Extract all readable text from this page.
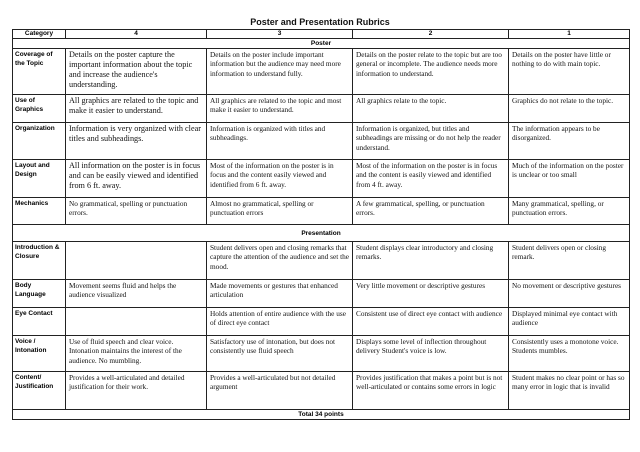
Poster and Presentation Rubrics
Category	4	3	2	1
Poster				
Coverage of the Topic	Details on the poster capture the important information about the topic and increase the audience's understanding.	Details on the poster include important information but the audience may need more information to understand fully.	Details on the poster relate to the topic but are too general or incomplete. The audience needs more information to understand.	Details on the poster have little or nothing to do with main topic.
Use of Graphics	All graphics are related to the topic and make it easier to understand.	All graphics are related to the topic and most make it easier to understand.	All graphics relate to the topic.	Graphics do not relate to the topic.
Organization	Information is very organized with clear titles and subheadings.	Information is organized with titles and subheadings.	Information is organized, but titles and subheadings are missing or do not help the reader understand.	The information appears to be disorganized.
Layout and Design	All information on the poster is in focus and can be easily viewed and identified from 6 ft. away.	Most of the information on the poster is in focus and the content easily viewed and identified from 6 ft. away.	Most of the information on the poster is in focus and the content is easily viewed and identified from 4 ft. away.	Much of the information on the poster is unclear or too small
Mechanics	No grammatical, spelling or punctuation errors.	Almost no grammatical, spelling or punctuation errors	A few grammatical, spelling, or punctuation errors.	Many grammatical, spelling, or punctuation errors.
Presentation				
Introduction & Closure		Student delivers open and closing remarks that capture the attention of the audience and set the mood.	Student displays clear introductory and closing remarks.	Student delivers open or closing remark.
Body Language	Movement seems fluid and helps the audience visualized	Made movements or gestures that enhanced articulation	Very little movement or descriptive gestures	No movement or descriptive gestures
Eye Contact		Holds attention of entire audience with the use of direct eye contact	Consistent use of direct eye contact with audience	Displayed minimal eye contact with audience
Voice / Intonation	Use of fluid speech and clear voice. Intonation maintains the interest of the audience. No mumbling.	Satisfactory use of intonation, but does not consistently use fluid speech	Displays some level of inflection throughout delivery Student's voice is low.	Consistently uses a monotone voice. Students mumbles.
Content/ Justification	Provides a well-articulated and detailed justification for their work.	Provides a well-articulated but not detailed argument	Provides justification that makes a point but is not well-articulated or contains some errors in logic	Student makes no clear point or has so many error in logic that is invalid
Total 34 points				
